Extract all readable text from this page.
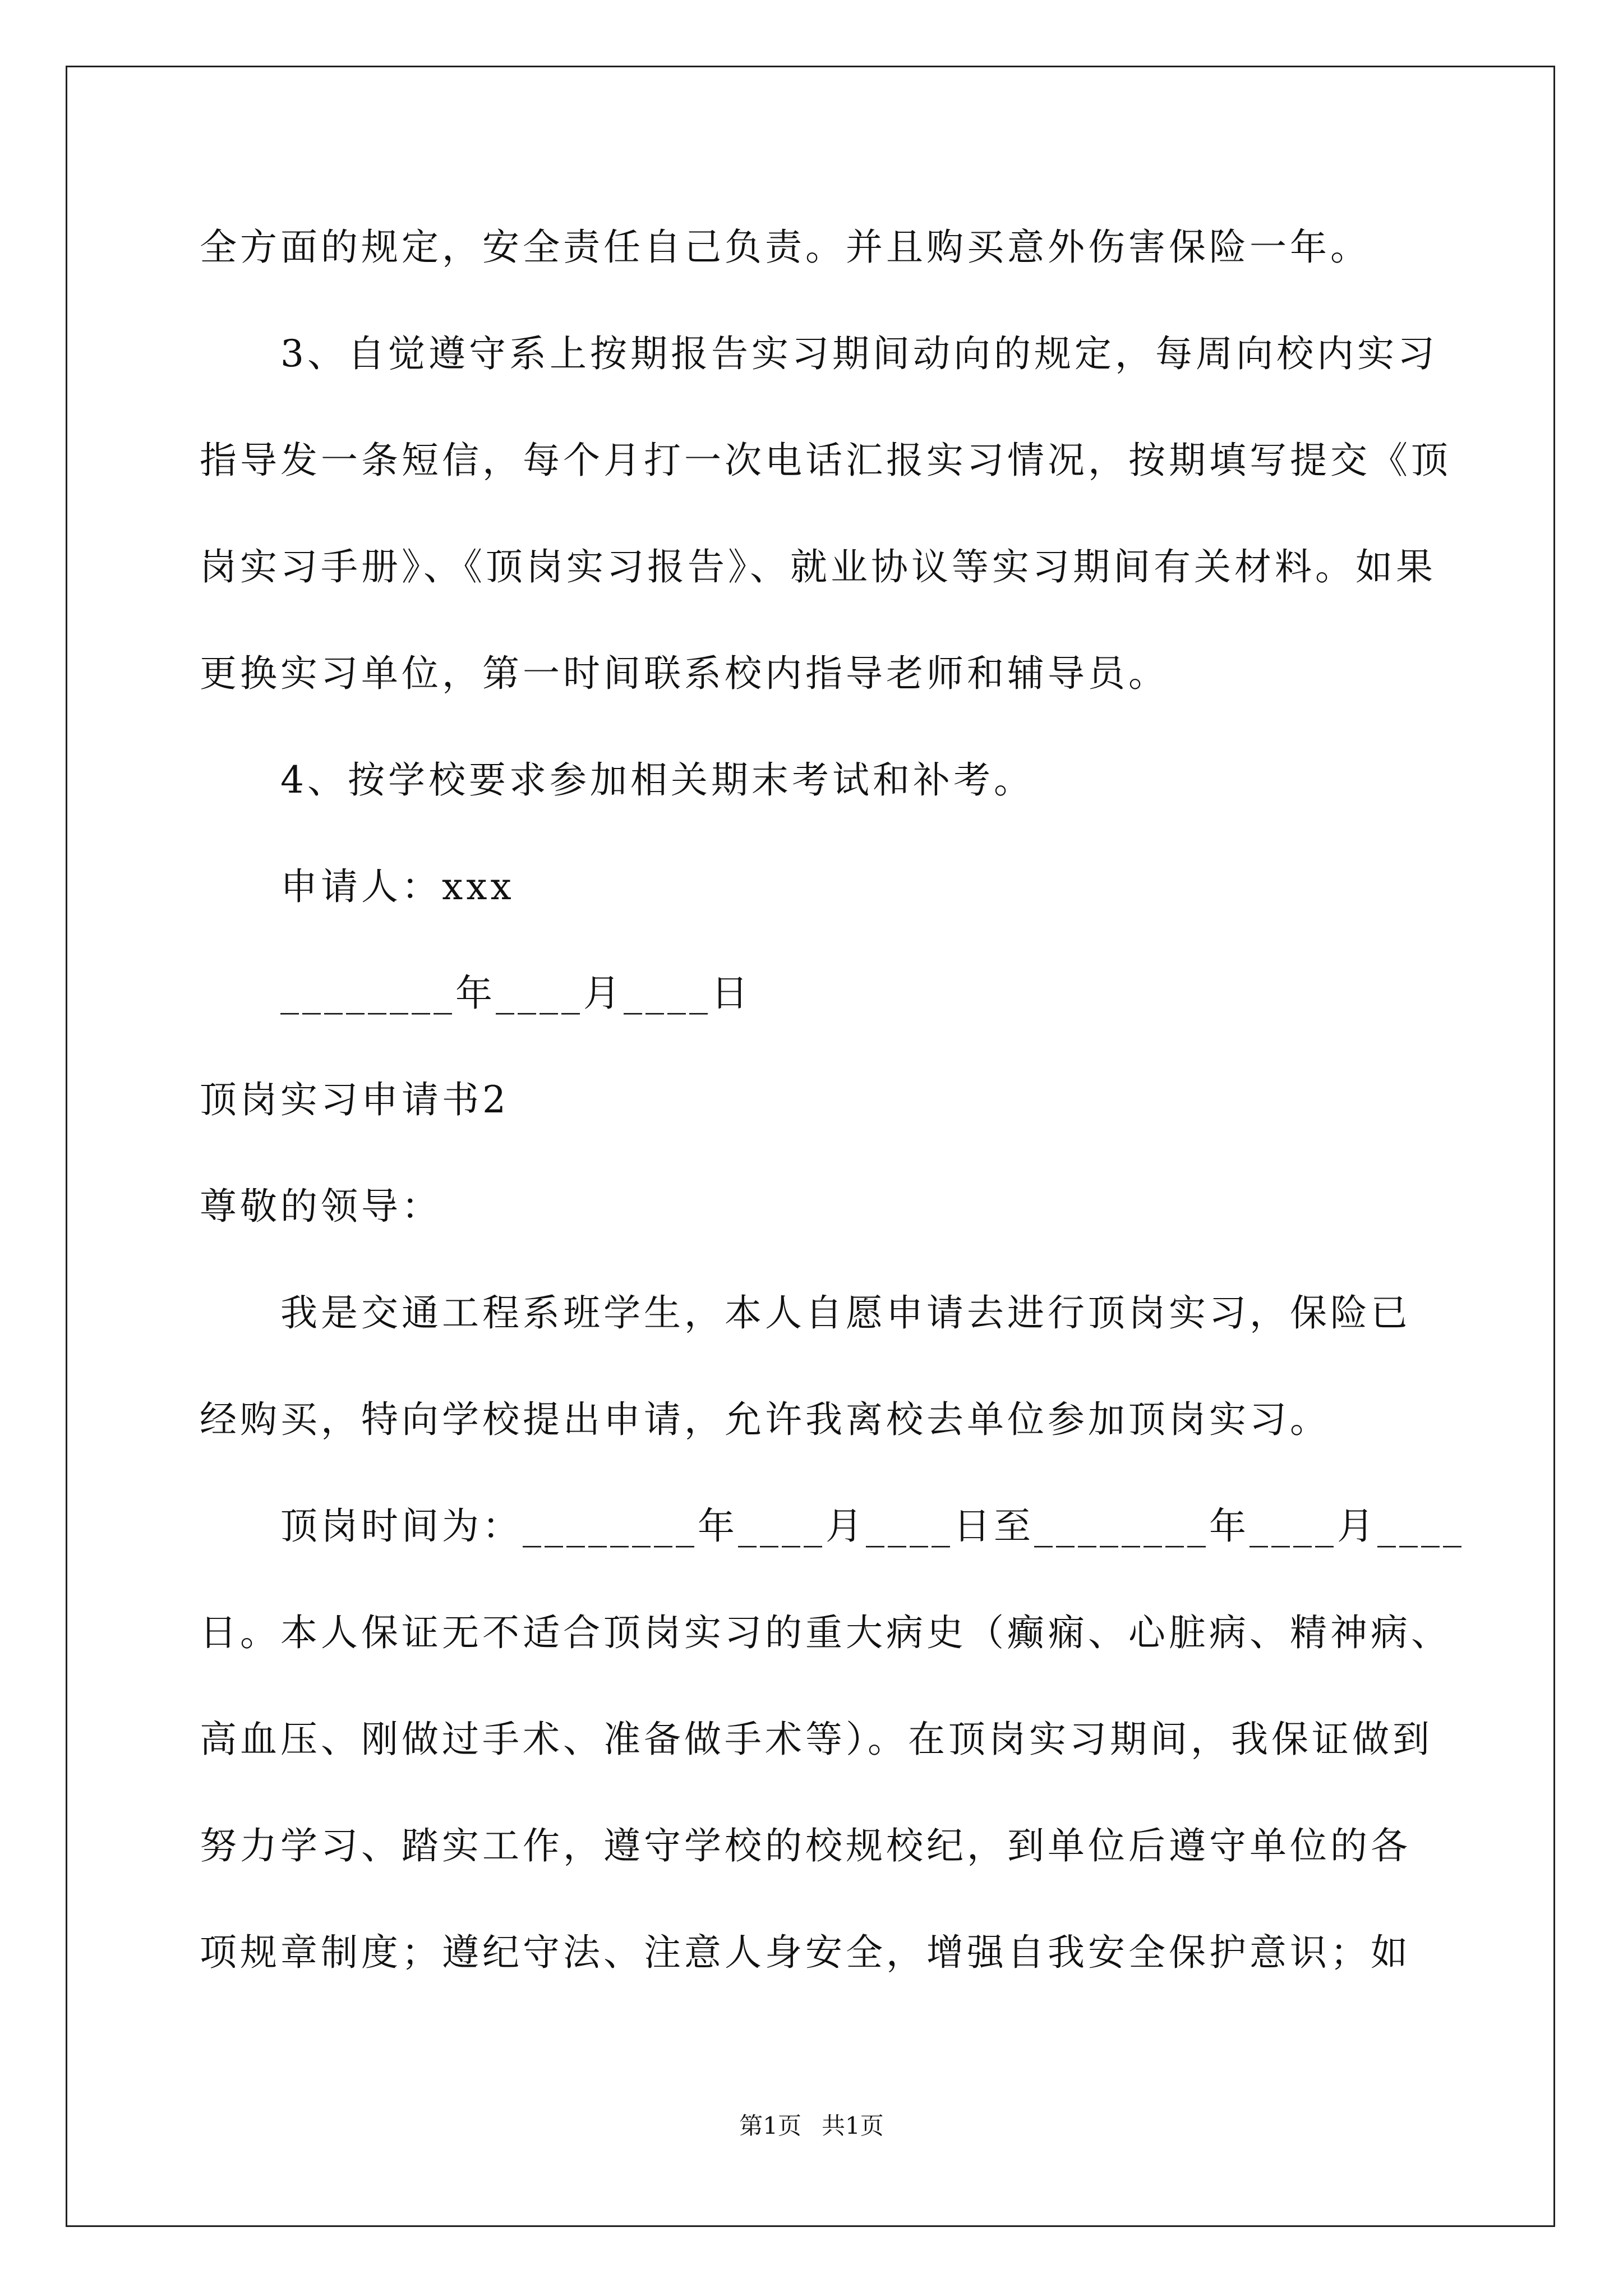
全方面的规定，安全责任自己负责。并且购买意外伤害保险一年。
3、自觉遵守系上按期报告实习期间动向的规定，每周向校内实习
指导发一条短信，每个月打一次电话汇报实习情况，按期填写提交《顶
岗实习手册》、《顶岗实习报告》、就业协议等实习期间有关材料。如果
更换实习单位，第一时间联系校内指导老师和辅导员。
4、按学校要求参加相关期末考试和补考。
申请人：xxx
________年____月____日
顶岗实习申请书2
尊敬的领导：
我是交通工程系班学生，本人自愿申请去进行顶岗实习，保险已
经购买，特向学校提出申请，允许我离校去单位参加顶岗实习。
顶岗时间为：________年____月____日至________年____月____
日。本人保证无不适合顶岗实习的重大病史（癫痫、心脏病、精神病、
高血压、刚做过手术、准备做手术等）。在顶岗实习期间，我保证做到
努力学习、踏实工作，遵守学校的校规校纪，到单位后遵守单位的各
项规章制度；遵纪守法、注意人身安全，增强自我安全保护意识；如
第1页 共1页
